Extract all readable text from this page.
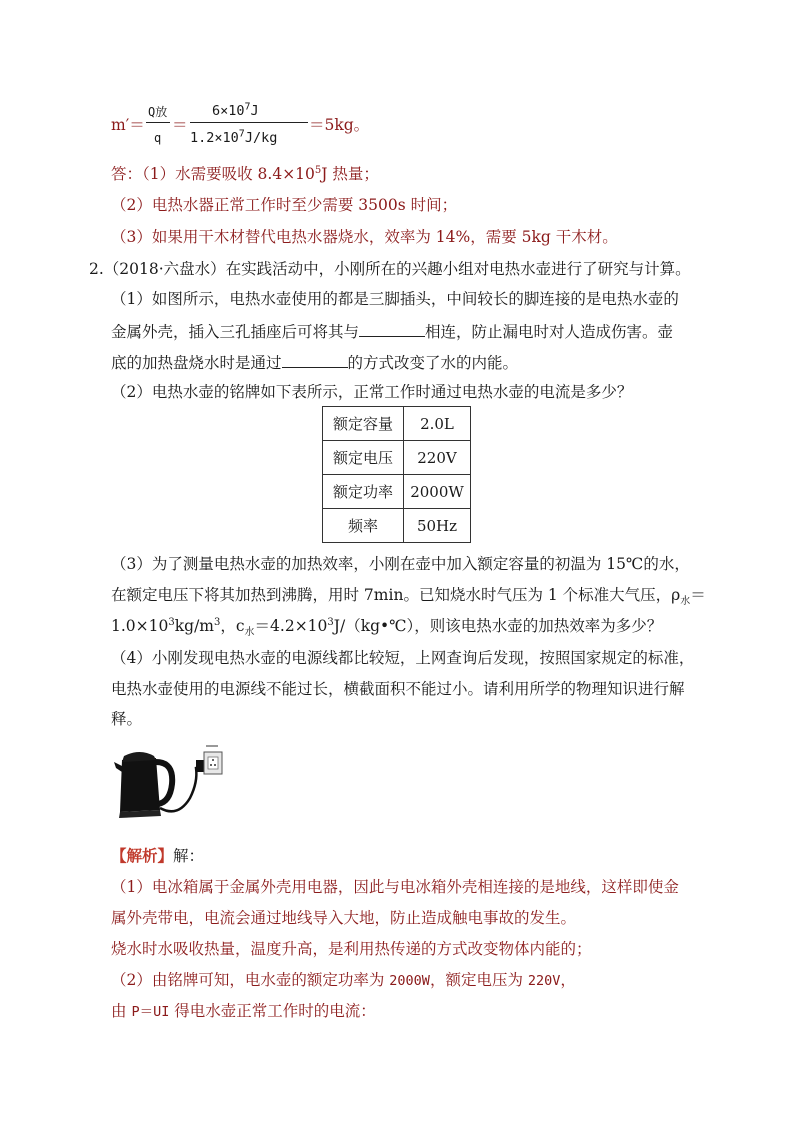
m′＝
Q放
q
＝
$6\times 10^7J$
$1.2\times 10^7J/kg$
＝5kg。
答：（1）水需要吸收 $8.4\times 10^5J$ 热量；
（2）电热水器正常工作时至少需要 3500s 时间；
（3）如果用干木材替代电热水器烧水，效率为 14%，需要 5kg 干木材。
2.（2018·六盘水）在实践活动中，小刚所在的兴趣小组对电热水壶进行了研究与计算。
（1）如图所示，电热水壶使用的都是三脚插头，中间较长的脚连接的是电热水壶的
金属外壳，插入三孔插座后可将其与	相连，防止漏电时对人造成伤害。壶
底的加热盘烧水时是通过	的方式改变了水的内能。
（2）电热水壶的铭牌如下表所示，正常工作时通过电热水壶的电流是多少？
额定容量	2.0L
额定电压	220V
额定功率	2000W
频率	50Hz
（3）为了测量电热水壶的加热效率，小刚在壶中加入额定容量的初温为 15℃的水，
在额定电压下将其加热到沸腾，用时 7min。已知烧水时气压为 1 个标准大气压，$\rho_水=$
$1.0\times 10^3kg/m^3$，$c_水=4.2\times 10^3J/(kg•℃)$，则该电热水壶的加热效率为多少？
（4）小刚发现电热水壶的电源线都比较短，上网查询后发现，按照国家规定的标准，
电热水壶使用的电源线不能过长，横截面积不能过小。请利用所学的物理知识进行解
释。
【解析】解：
（1）电冰箱属于金属外壳用电器，因此与电冰箱外壳相连接的是地线，这样即使金
属外壳带电，电流会通过地线导入大地，防止造成触电事故的发生。
烧水时水吸收热量，温度升高，是利用热传递的方式改变物体内能的；
（2）由铭牌可知，电水壶的额定功率为 2000W，额定电压为 220V，
由 P＝UI 得电水壶正常工作时的电流：
